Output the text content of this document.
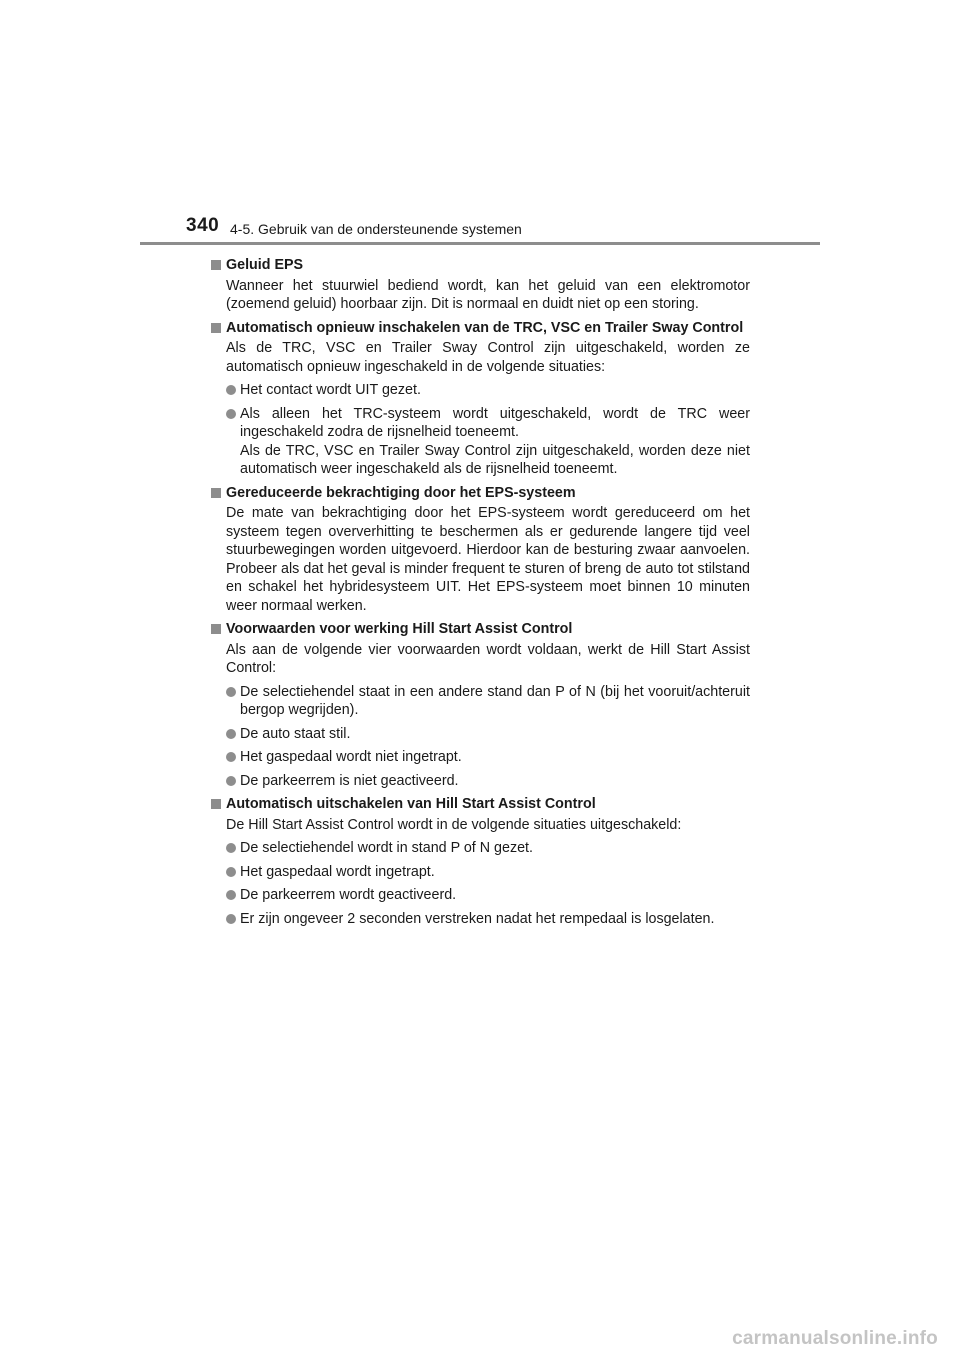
340 4-5. Gebruik van de ondersteunende systemen
Geluid EPS
Wanneer het stuurwiel bediend wordt, kan het geluid van een elektromotor (zoemend geluid) hoorbaar zijn. Dit is normaal en duidt niet op een storing.
Automatisch opnieuw inschakelen van de TRC, VSC en Trailer Sway Control
Als de TRC, VSC en Trailer Sway Control zijn uitgeschakeld, worden ze automatisch opnieuw ingeschakeld in de volgende situaties:
Het contact wordt UIT gezet.
Als alleen het TRC-systeem wordt uitgeschakeld, wordt de TRC weer ingeschakeld zodra de rijsnelheid toeneemt.
Als de TRC, VSC en Trailer Sway Control zijn uitgeschakeld, worden deze niet automatisch weer ingeschakeld als de rijsnelheid toeneemt.
Gereduceerde bekrachtiging door het EPS-systeem
De mate van bekrachtiging door het EPS-systeem wordt gereduceerd om het systeem tegen oververhitting te beschermen als er gedurende langere tijd veel stuurbewegingen worden uitgevoerd. Hierdoor kan de besturing zwaar aanvoelen. Probeer als dat het geval is minder frequent te sturen of breng de auto tot stilstand en schakel het hybridesysteem UIT. Het EPS-systeem moet binnen 10 minuten weer normaal werken.
Voorwaarden voor werking Hill Start Assist Control
Als aan de volgende vier voorwaarden wordt voldaan, werkt de Hill Start Assist Control:
De selectiehendel staat in een andere stand dan P of N (bij het vooruit/achteruit bergop wegrijden).
De auto staat stil.
Het gaspedaal wordt niet ingetrapt.
De parkeerrem is niet geactiveerd.
Automatisch uitschakelen van Hill Start Assist Control
De Hill Start Assist Control wordt in de volgende situaties uitgeschakeld:
De selectiehendel wordt in stand P of N gezet.
Het gaspedaal wordt ingetrapt.
De parkeerrem wordt geactiveerd.
Er zijn ongeveer 2 seconden verstreken nadat het rempedaal is losgelaten.
carmanualsonline.info
